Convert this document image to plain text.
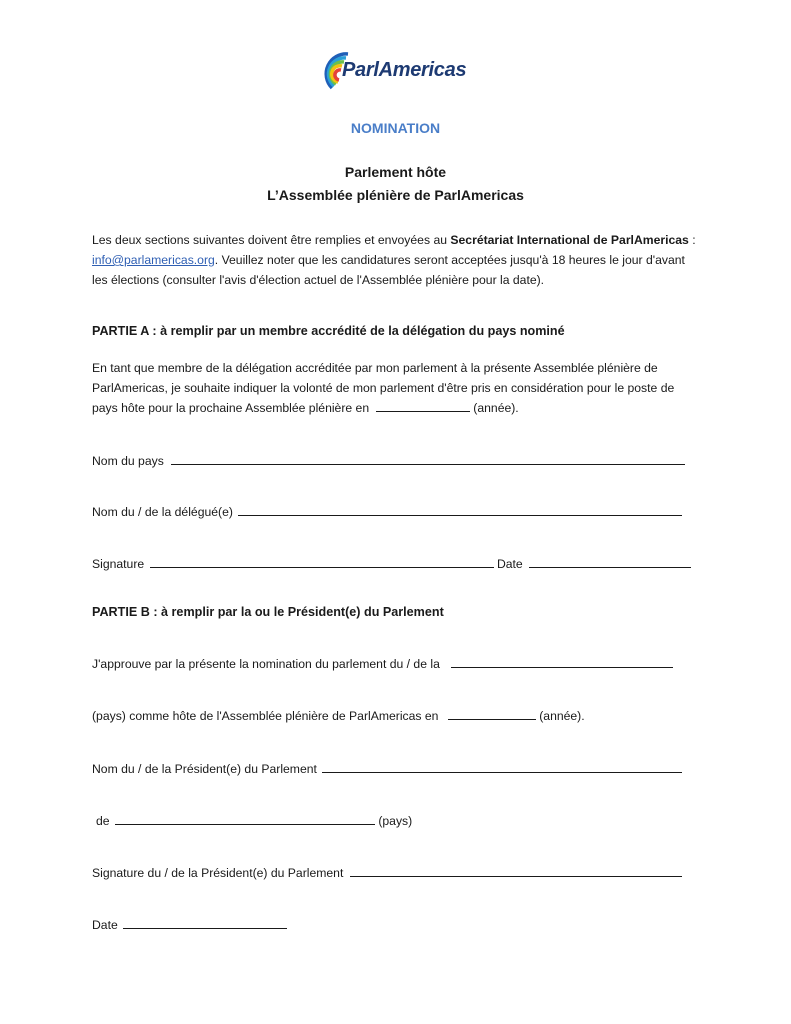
ParlAmericas
NOMINATION
Parlement hôte
L’Assemblée plénière de ParlAmericas
Les deux sections suivantes doivent être remplies et envoyées au Secrétariat International de ParlAmericas : info@parlamericas.org. Veuillez noter que les candidatures seront acceptées jusqu'à 18 heures le jour d'avant les élections (consulter l'avis d'élection actuel de l'Assemblée plénière pour la date).
PARTIE A : à remplir par un membre accrédité de la délégation du pays nominé
En tant que membre de la délégation accréditée par mon parlement à la présente Assemblée plénière de ParlAmericas, je souhaite indiquer la volonté de mon parlement d'être pris en considération pour le poste de pays hôte pour la prochaine Assemblée plénière en	(année).
Nom du pays
Nom du / de la délégué(e)
Signature	Date
PARTIE B : à remplir par la ou le Président(e) du Parlement
J'approuve par la présente la nomination du parlement du / de la
(pays) comme hôte de l'Assemblée plénière de ParlAmericas en	(année).
Nom du / de la Président(e) du Parlement
de	(pays)
Signature du / de la Président(e) du Parlement
Date
